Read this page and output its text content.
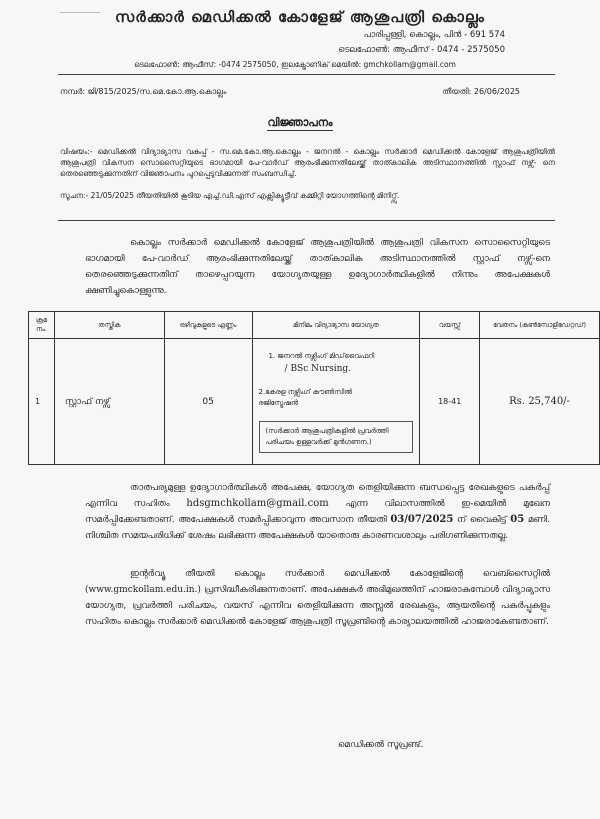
സർക്കാർ മെഡിക്കൽ കോളേജ് ആശുപത്രി കൊല്ലം
പാരിപ്പള്ളി, കൊല്ലം, പിൻ - 691 574
ടെലഫോൺ: ആഫീസ് - 0474 - 2575050
ടെലഫോൺ: ആഫീസ്: -0474 2575050, ഇലക്ട്രോണിക് മെയിൽ: gmchkollam@gmail.com
നമ്പർ: ജി/815/2025/സ.മെ.കോ.ആ.കൊല്ലം	തീയതി: 26/06/2025
വിജ്ഞാപനം
വിഷയം:- മെഡിക്കൽ വിദ്യാഭ്യാസ വകുപ്പ് - സ.മെ.കോ.ആ.കൊല്ലം - ജനറൽ - കൊല്ലം സർക്കാർ മെഡിക്കൽ കോളേജ് ആശുപത്രിയിൽ ആശുപത്രി വികസന സൊസൈറ്റിയുടെ ഭാഗമായി പേ-വാർഡ് ആരംഭിക്കുന്നതിലേയ്ക്ക് താത്കാലിക അടിസ്ഥാനത്തിൽ സ്റ്റാഫ് നഴ്സ്- നെ തെരഞ്ഞെടുക്കുന്നതിന് വിജ്ഞാപനം പുറപ്പെടുവിക്കുന്നത് സംബന്ധിച്ച്.
സൂചന:- 21/05/2025 തീയതിയിൽ കൂടിയ എച്ച്.ഡി.എസ് എക്സിക്യൂട്ടീവ് കമ്മിറ്റി യോഗത്തിന്റെ മിനിറ്റ്സ്.
കൊല്ലം സർക്കാർ മെഡിക്കൽ കോളേജ് ആശുപത്രിയിൽ ആശുപത്രി വികസന സൊസൈറ്റിയുടെ ഭാഗമായി പേ-വാർഡ് ആരംഭിക്കുന്നതിലേയ്ക്ക് താത്കാലിക അടിസ്ഥാനത്തിൽ സ്റ്റാഫ് നഴ്സ്-നെ തെരഞ്ഞെടുക്കുന്നതിന് താഴെപ്പറയുന്ന യോഗ്യതയുള്ള ഉദ്യോഗാർത്ഥികളിൽ നിന്നും അപേക്ഷകൾ ക്ഷണിച്ചുകൊള്ളുന്നു.
ക്രമ നം.	തസ്തിക	ഒഴിവുകളുടെ എണ്ണം	മിനിമം വിദ്യാഭ്യാസ യോഗ്യത	വയസ്സ്	വേതനം (കൺസോളിഡേറ്റഡ്)
1	സ്റ്റാഫ് നഴ്സ്	05	1. ജനറൽ നഴ്സിംഗ് മിഡ്‌വൈഫറി
/ BSc Nursing.
2.കേരള നഴ്സിംഗ് കൗൺസിൽ
രജിസ്ട്രേഷൻ
(സർക്കാർ ആശുപത്രികളിൽ പ്രവർത്തി പരിചയം ഉള്ളവർക്ക് മുൻഗണന.)	18-41	Rs. 25,740/-
താത്പര്യമുള്ള ഉദ്യോഗാർത്ഥികൾ അപേക്ഷ, യോഗ്യത തെളിയിക്കുന്ന ബന്ധപ്പെട്ട രേഖകളുടെ പകർപ്പ് എന്നിവ സഹിതം hdsgmchkollam@gmail.com എന്ന വിലാസത്തിൽ ഇ-മെയിൽ മുഖേന സമർപ്പിക്കേണ്ടതാണ്. അപേക്ഷകൾ സമർപ്പിക്കാവുന്ന അവസാന തീയതി 03/07/2025 ന് വൈകിട്ട് 05 മണി. നിശ്ചിത സമയപരിധിക്ക് ശേഷം ലഭിക്കുന്ന അപേക്ഷകൾ യാതൊരു കാരണവശാലും പരിഗണിക്കുന്നതല്ല.
ഇന്റർവ്യൂ തീയതി കൊല്ലം സർക്കാർ മെഡിക്കൽ കോളേജിന്റെ വെബ്സൈറ്റിൽ (www.gmckollam.edu.in.) പ്രസിദ്ധീകരിക്കുന്നതാണ്. അപേക്ഷകർ അഭിമുഖത്തിന് ഹാജരാകുമ്പോൾ വിദ്യാഭ്യാസ യോഗ്യത, പ്രവർത്തി പരിചയം, വയസ് എന്നിവ തെളിയിക്കുന്ന അസ്സൽ രേഖകളും, ആയതിന്റെ പകർപ്പുകളും സഹിതം കൊല്ലം സർക്കാർ മെഡിക്കൽ കോളേജ് ആശുപത്രി സൂപ്രണ്ടിന്റെ കാര്യാലയത്തിൽ ഹാജരാകേണ്ടതാണ്.
മെഡിക്കൽ സൂപ്രണ്ട്.
